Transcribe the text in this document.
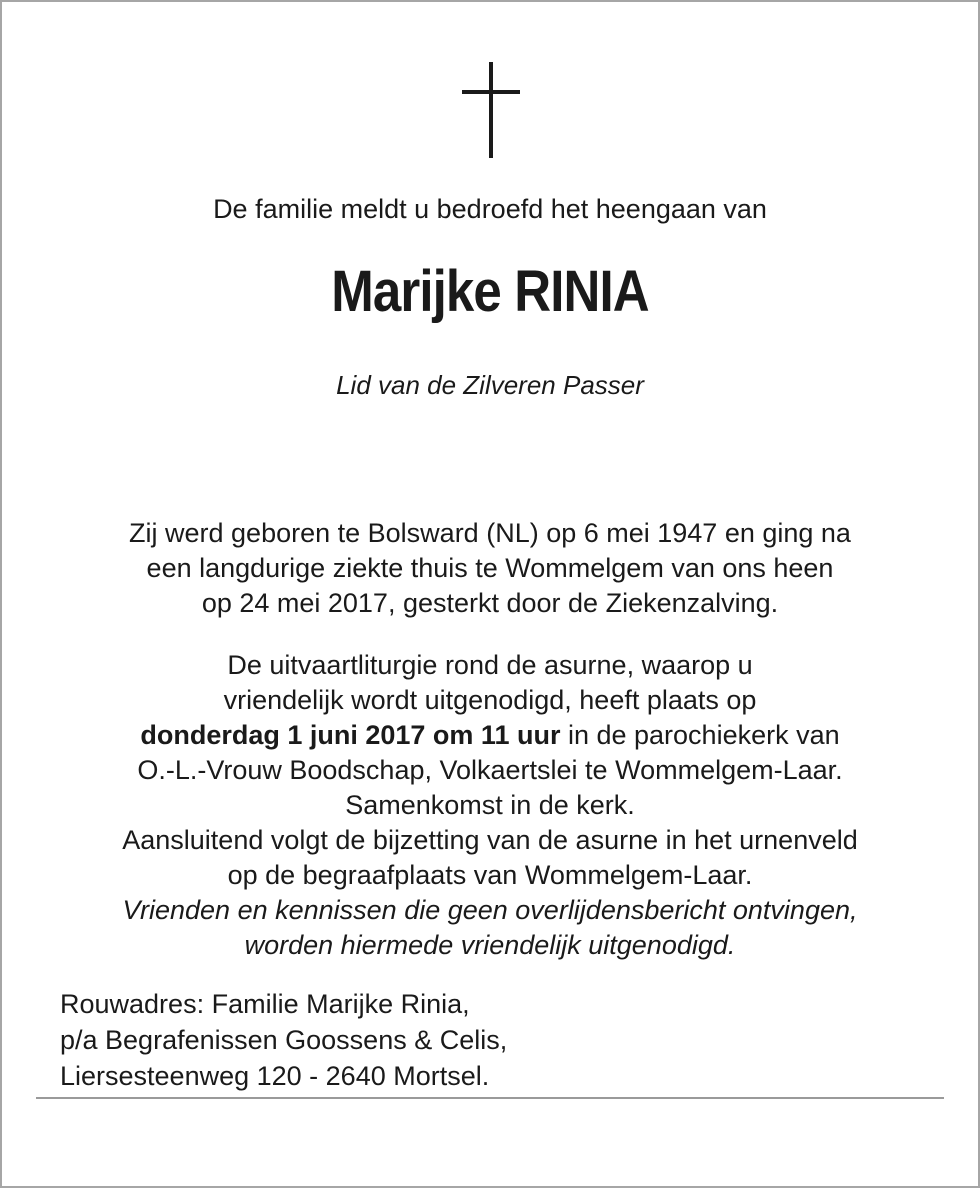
De familie meldt u bedroefd het heengaan van
Marijke RINIA
Lid van de Zilveren Passer
Zij werd geboren te Bolsward (NL) op 6 mei 1947 en ging na
een langdurige ziekte thuis te Wommelgem van ons heen
op 24 mei 2017, gesterkt door de Ziekenzalving.
De uitvaartliturgie rond de asurne, waarop u
vriendelijk wordt uitgenodigd, heeft plaats op
donderdag 1 juni 2017 om 11 uur in de parochiekerk van
O.-L.-Vrouw Boodschap, Volkaertslei te Wommelgem-Laar.
Samenkomst in de kerk.
Aansluitend volgt de bijzetting van de asurne in het urnenveld
op de begraafplaats van Wommelgem-Laar.
Vrienden en kennissen die geen overlijdensbericht ontvingen,
worden hiermede vriendelijk uitgenodigd.
Rouwadres: Familie Marijke Rinia,
p/a Begrafenissen Goossens & Celis,
Liersesteenweg 120 - 2640 Mortsel.
